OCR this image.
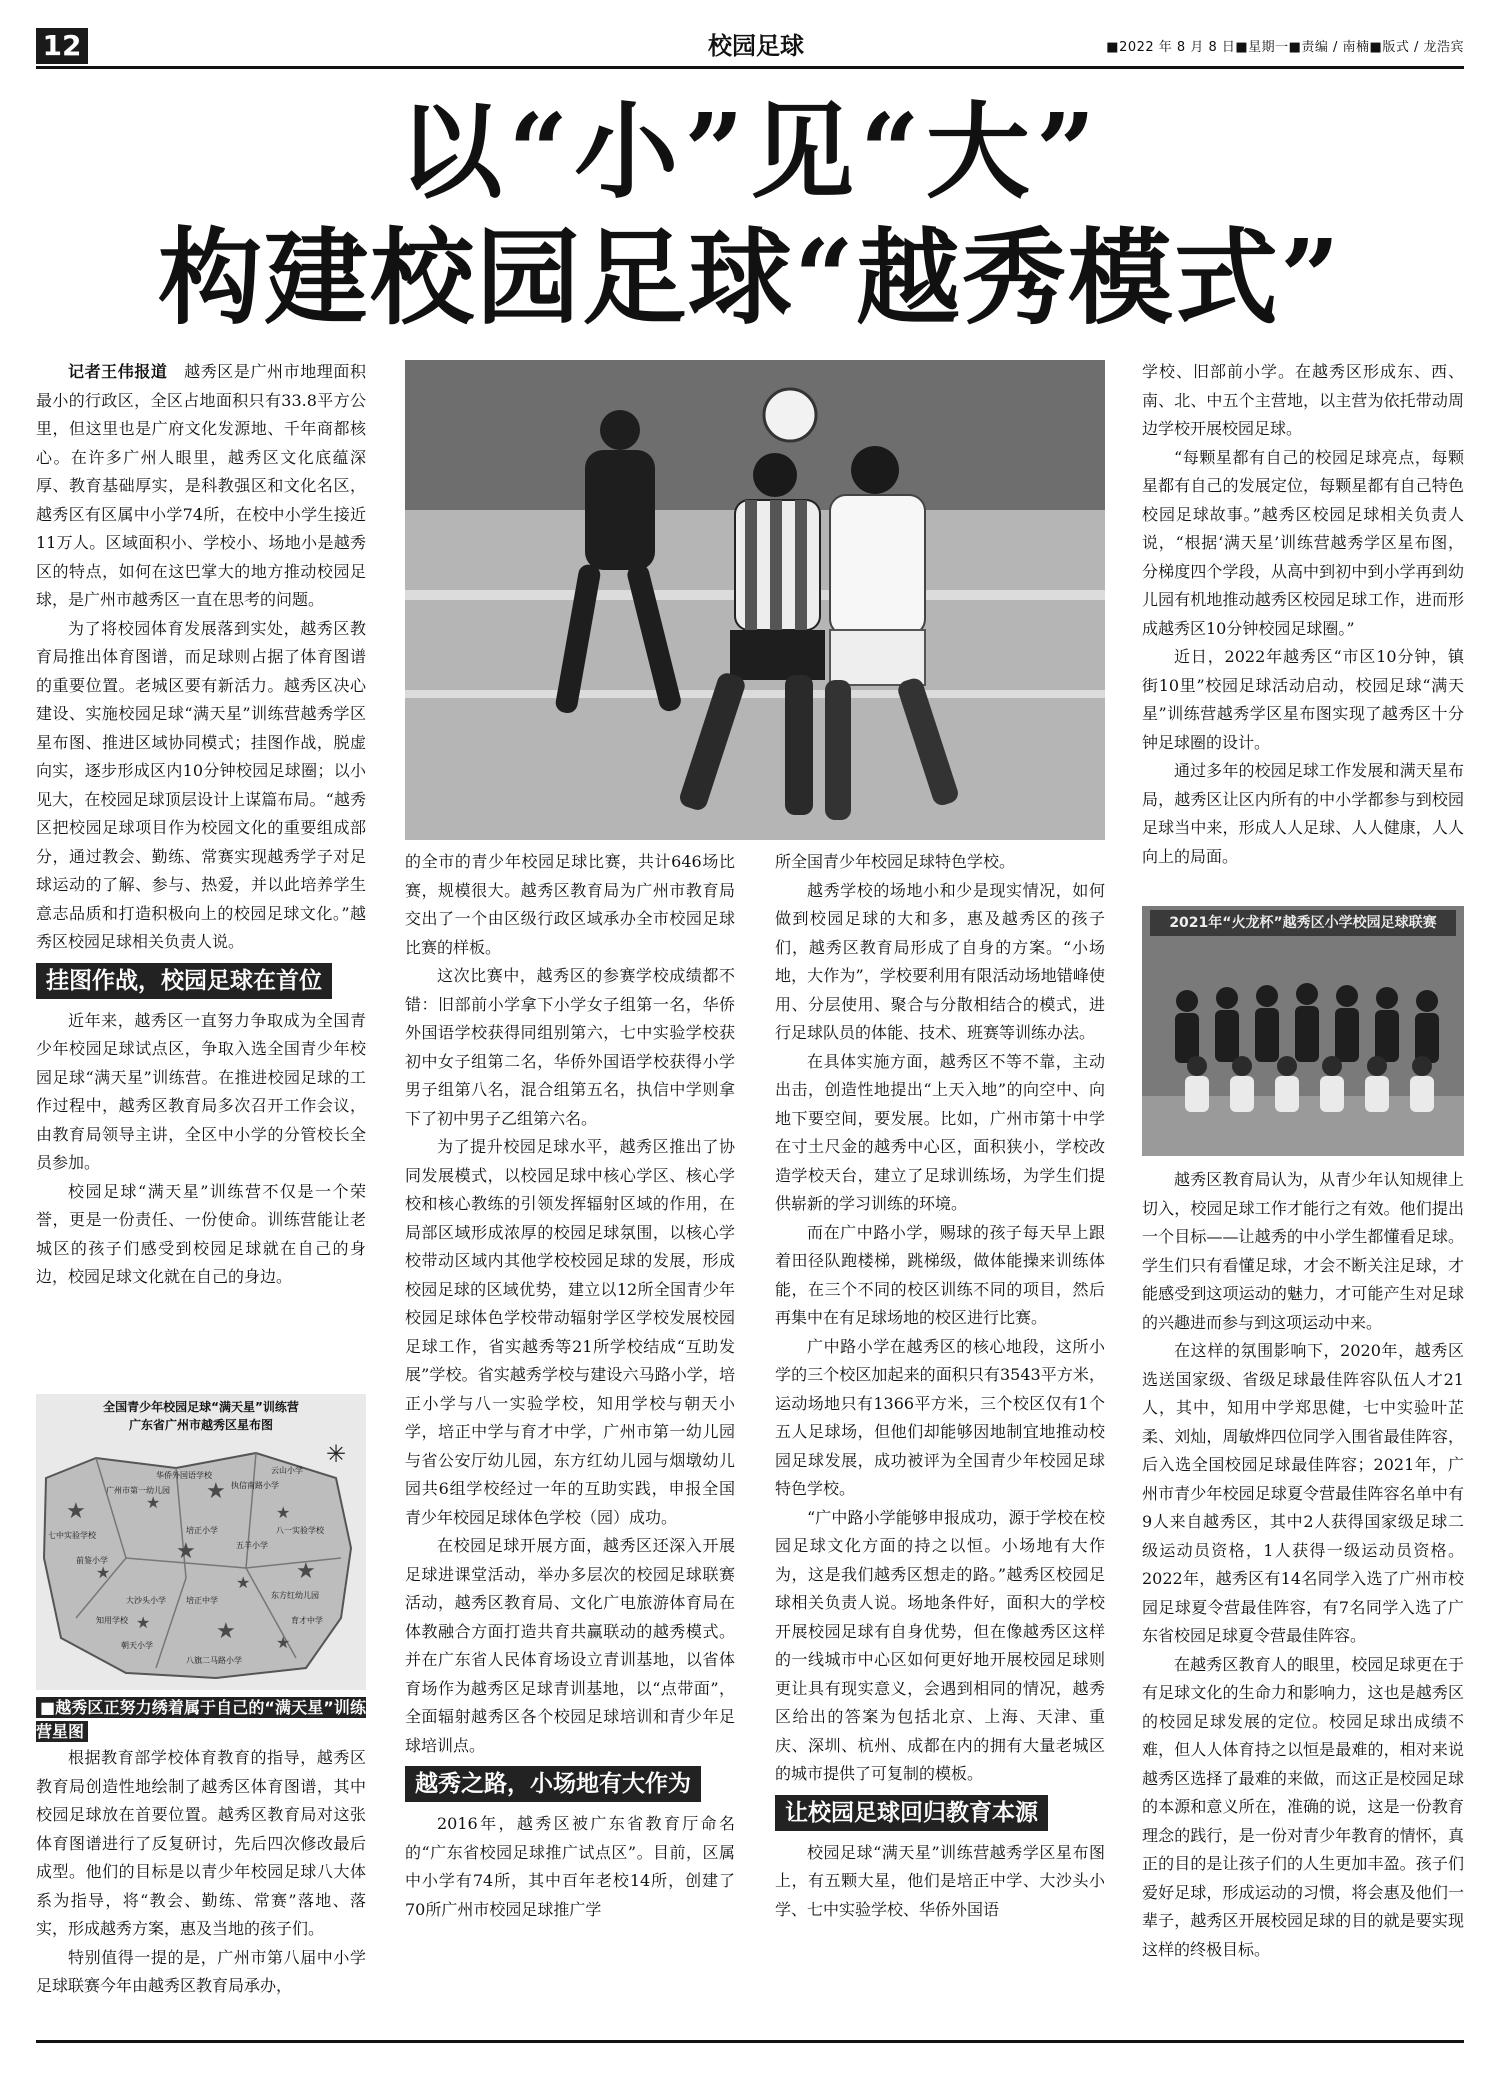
12	校园足球	■2022 年 8 月 8 日■星期一■责编 / 南楠■版式 / 龙浩宾
以“小”见“大”
构建校园足球“越秀模式”

记者王伟报道　 越秀区是广州市地理面积最小的行政区，全区占地面积只有33.8平方公里，但这里也是广府文化发源地、千年商都核心。在许多广州人眼里，越秀区文化底蕴深厚、教育基础厚实，是科教强区和文化名区，越秀区有区属中小学74所，在校中小学生接近11万人。区域面积小、学校小、场地小是越秀区的特点，如何在这巴掌大的地方推动校园足球，是广州市越秀区一直在思考的问题。

为了将校园体育发展落到实处，越秀区教育局推出体育图谱，而足球则占据了体育图谱的重要位置。老城区要有新活力。越秀区决心建设、实施校园足球“满天星”训练营越秀学区星布图、推进区域协同模式；挂图作战，脱虚向实，逐步形成区内10分钟校园足球圈；以小见大，在校园足球顶层设计上谋篇布局。“越秀区把校园足球项目作为校园文化的重要组成部分，通过教会、勤练、常赛实现越秀学子对足球运动的了解、参与、热爱，并以此培养学生意志品质和打造积极向上的校园足球文化。”越秀区校园足球相关负责人说。

挂图作战，校园足球在首位

近年来，越秀区一直努力争取成为全国青少年校园足球试点区，争取入选全国青少年校园足球“满天星”训练营。在推进校园足球的工作过程中，越秀区教育局多次召开工作会议，由教育局领导主讲，全区中小学的分管校长全员参加。

校园足球“满天星”训练营不仅是一个荣誉，更是一份责任、一份使命。训练营能让老城区的孩子们感受到校园足球就在自己的身边，校园足球文化就在自己的身边。

全国青少年校园足球“满天星”训练营
广东省广州市越秀区星布图
★	★ ★
★
★
★
★ ★
★	★	★
华侨外国语学校
云山小学
广州市第一幼儿园
执信南路小学
八一实验学校
七中实验学校
培正小学
五羊小学
东方红幼儿园
育才中学
大沙头小学	培正中学
八旗二马路小学
前鉴小学
知用学校
朝天小学
✳

■越秀区正努力绣着属于自己的“满天星”训练营星图

根据教育部学校体育教育的指导，越秀区教育局创造性地绘制了越秀区体育图谱，其中校园足球放在首要位置。越秀区教育局对这张体育图谱进行了反复研讨，先后四次修改最后成型。他们的目标是以青少年校园足球八大体系为指导，将“教会、勤练、常赛”落地、落实，形成越秀方案，惠及当地的孩子们。

特别值得一提的是，广州市第八届中小学足球联赛今年由越秀区教育局承办，

的全市的青少年校园足球比赛，共计646场比赛，规模很大。越秀区教育局为广州市教育局交出了一个由区级行政区域承办全市校园足球比赛的样板。

这次比赛中，越秀区的参赛学校成绩都不错：旧部前小学拿下小学女子组第一名，华侨外国语学校获得同组别第六，七中实验学校获初中女子组第二名，华侨外国语学校获得小学男子组第八名，混合组第五名，执信中学则拿下了初中男子乙组第六名。

为了提升校园足球水平，越秀区推出了协同发展模式，以校园足球中核心学区、核心学校和核心教练的引领发挥辐射区域的作用，在局部区域形成浓厚的校园足球氛围，以核心学校带动区域内其他学校校园足球的发展，形成校园足球的区域优势，建立以12所全国青少年校园足球体色学校带动辐射学区学校发展校园足球工作，省实越秀等21所学校结成“互助发展”学校。省实越秀学校与建设六马路小学，培正小学与八一实验学校，知用学校与朝天小学，培正中学与育才中学，广州市第一幼儿园与省公安厅幼儿园，东方红幼儿园与烟墩幼儿园共6组学校经过一年的互助实践，申报全国青少年校园足球体色学校（园）成功。

在校园足球开展方面，越秀区还深入开展足球进课堂活动，举办多层次的校园足球联赛活动，越秀区教育局、文化广电旅游体育局在体教融合方面打造共育共赢联动的越秀模式。并在广东省人民体育场设立青训基地，以省体育场作为越秀区足球青训基地，以“点带面”，全面辐射越秀区各个校园足球培训和青少年足球培训点。

越秀之路，小场地有大作为

2016年，越秀区被广东省教育厅命名的“广东省校园足球推广试点区”。目前，区属中小学有74所，其中百年老校14所，创建了70所广州市校园足球推广学

所全国青少年校园足球特色学校。

越秀学校的场地小和少是现实情况，如何做到校园足球的大和多，惠及越秀区的孩子们，越秀区教育局形成了自身的方案。“小场地，大作为”，学校要利用有限活动场地错峰使用、分层使用、聚合与分散相结合的模式，进行足球队员的体能、技术、班赛等训练办法。

在具体实施方面，越秀区不等不靠，主动出击，创造性地提出“上天入地”的向空中、向地下要空间，要发展。比如，广州市第十中学在寸土尺金的越秀中心区，面积狭小，学校改造学校天台，建立了足球训练场，为学生们提供崭新的学习训练的环境。

而在广中路小学，赐球的孩子每天早上跟着田径队跑楼梯，跳梯级，做体能操来训练体能，在三个不同的校区训练不同的项目，然后再集中在有足球场地的校区进行比赛。

广中路小学在越秀区的核心地段，这所小学的三个校区加起来的面积只有3543平方米，运动场地只有1366平方米，三个校区仅有1个五人足球场，但他们却能够因地制宜地推动校园足球发展，成功被评为全国青少年校园足球特色学校。

“广中路小学能够申报成功，源于学校在校园足球文化方面的持之以恒。小场地有大作为，这是我们越秀区想走的路。”越秀区校园足球相关负责人说。场地条件好，面积大的学校开展校园足球有自身优势，但在像越秀区这样的一线城市中心区如何更好地开展校园足球则更让具有现实意义，会遇到相同的情况，越秀区给出的答案为包括北京、上海、天津、重庆、深圳、杭州、成都在内的拥有大量老城区的城市提供了可复制的模板。

让校园足球回归教育本源

校园足球“满天星”训练营越秀学区星布图上，有五颗大星，他们是培正中学、大沙头小学、七中实验学校、华侨外国语

学校、旧部前小学。在越秀区形成东、西、南、北、中五个主营地，以主营为依托带动周边学校开展校园足球。

“每颗星都有自己的校园足球亮点，每颗星都有自己的发展定位，每颗星都有自己特色校园足球故事。”越秀区校园足球相关负责人说，“根据‘满天星’训练营越秀学区星布图，分梯度四个学段，从高中到初中到小学再到幼儿园有机地推动越秀区校园足球工作，进而形成越秀区10分钟校园足球圈。”

近日，2022年越秀区“市区10分钟，镇街10里”校园足球活动启动，校园足球“满天星”训练营越秀学区星布图实现了越秀区十分钟足球圈的设计。

通过多年的校园足球工作发展和满天星布局，越秀区让区内所有的中小学都参与到校园足球当中来，形成人人足球、人人健康，人人向上的局面。

2021年“火龙杯”越秀区小学校园足球联赛

越秀区教育局认为，从青少年认知规律上切入，校园足球工作才能行之有效。他们提出一个目标——让越秀的中小学生都懂看足球。学生们只有看懂足球，才会不断关注足球，才能感受到这项运动的魅力，才可能产生对足球的兴趣进而参与到这项运动中来。

在这样的氛围影响下，2020年，越秀区选送国家级、省级足球最佳阵容队伍人才21人，其中，知用中学郑思健，七中实验叶芷柔、刘灿，周敏烨四位同学入围省最佳阵容，后入选全国校园足球最佳阵容；2021年，广州市青少年校园足球夏令营最佳阵容名单中有9人来自越秀区，其中2人获得国家级足球二级运动员资格，1人获得一级运动员资格。2022年，越秀区有14名同学入选了广州市校园足球夏令营最佳阵容，有7名同学入选了广东省校园足球夏令营最佳阵容。

在越秀区教育人的眼里，校园足球更在于有足球文化的生命力和影响力，这也是越秀区的校园足球发展的定位。校园足球出成绩不难，但人人体育持之以恒是最难的，相对来说越秀区选择了最难的来做，而这正是校园足球的本源和意义所在，准确的说，这是一份教育理念的践行，是一份对青少年教育的情怀，真正的目的是让孩子们的人生更加丰盈。孩子们爱好足球，形成运动的习惯，将会惠及他们一辈子，越秀区开展校园足球的目的就是要实现这样的终极目标。
